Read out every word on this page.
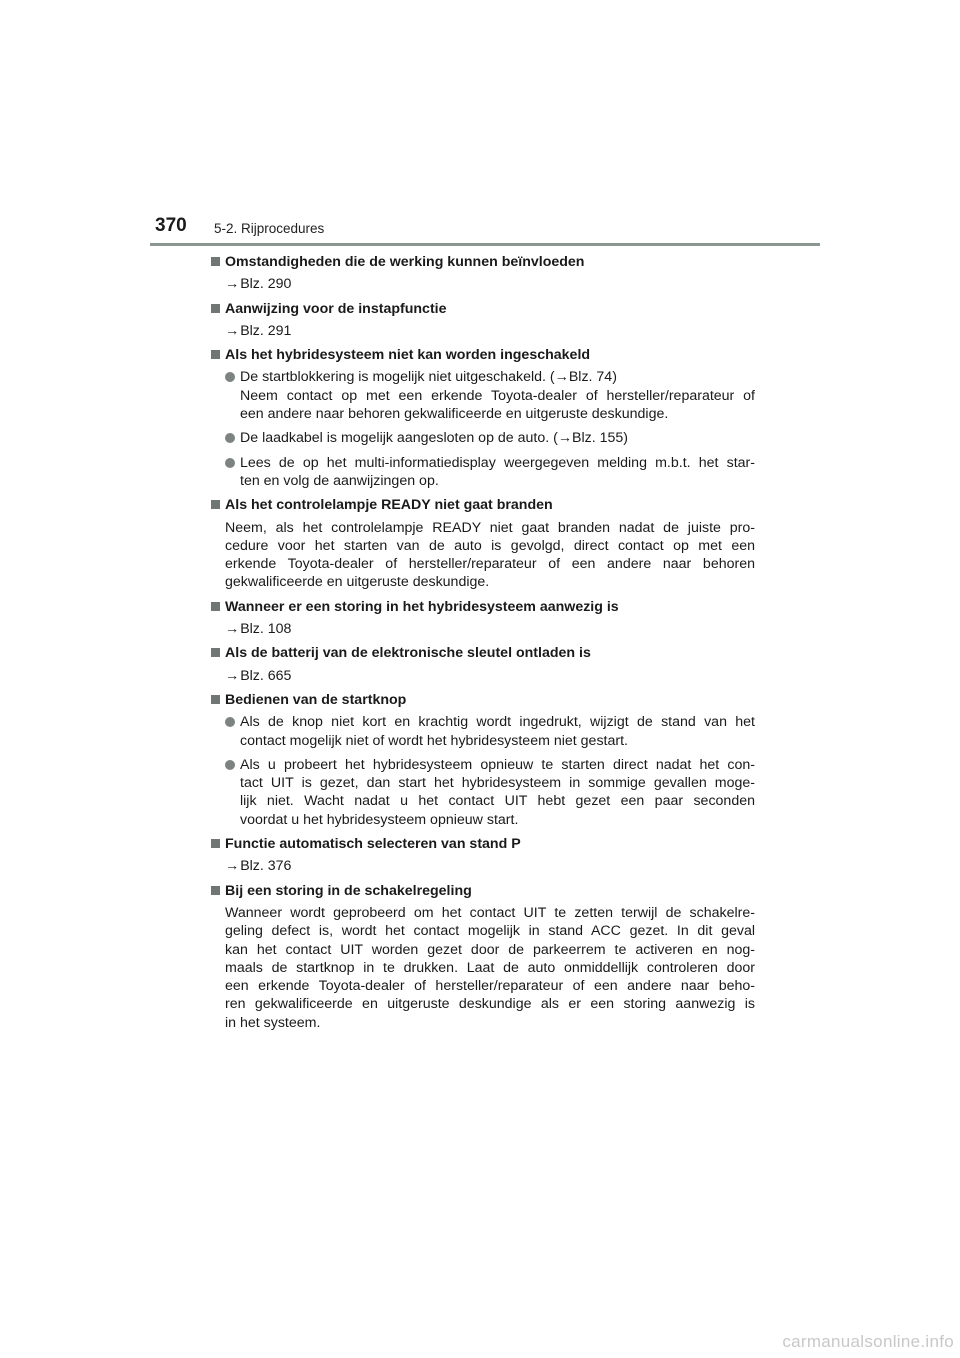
370 5-2. Rijprocedures
Omstandigheden die de werking kunnen beïnvloeden
→Blz. 290
Aanwijzing voor de instapfunctie
→Blz. 291
Als het hybridesysteem niet kan worden ingeschakeld
De startblokkering is mogelijk niet uitgeschakeld. (→Blz. 74)
Neem contact op met een erkende Toyota-dealer of hersteller/reparateur of
een andere naar behoren gekwalificeerde en uitgeruste deskundige.
De laadkabel is mogelijk aangesloten op de auto. (→Blz. 155)
Lees de op het multi-informatiedisplay weergegeven melding m.b.t. het star-
ten en volg de aanwijzingen op.
Als het controlelampje READY niet gaat branden
Neem, als het controlelampje READY niet gaat branden nadat de juiste pro-
cedure voor het starten van de auto is gevolgd, direct contact op met een
erkende Toyota-dealer of hersteller/reparateur of een andere naar behoren
gekwalificeerde en uitgeruste deskundige.
Wanneer er een storing in het hybridesysteem aanwezig is
→Blz. 108
Als de batterij van de elektronische sleutel ontladen is
→Blz. 665
Bedienen van de startknop
Als de knop niet kort en krachtig wordt ingedrukt, wijzigt de stand van het
contact mogelijk niet of wordt het hybridesysteem niet gestart.
Als u probeert het hybridesysteem opnieuw te starten direct nadat het con-
tact UIT is gezet, dan start het hybridesysteem in sommige gevallen moge-
lijk niet. Wacht nadat u het contact UIT hebt gezet een paar seconden
voordat u het hybridesysteem opnieuw start.
Functie automatisch selecteren van stand P
→Blz. 376
Bij een storing in de schakelregeling
Wanneer wordt geprobeerd om het contact UIT te zetten terwijl de schakelre-
geling defect is, wordt het contact mogelijk in stand ACC gezet. In dit geval
kan het contact UIT worden gezet door de parkeerrem te activeren en nog-
maals de startknop in te drukken. Laat de auto onmiddellijk controleren door
een erkende Toyota-dealer of hersteller/reparateur of een andere naar beho-
ren gekwalificeerde en uitgeruste deskundige als er een storing aanwezig is
in het systeem.
carmanualsonline.info
